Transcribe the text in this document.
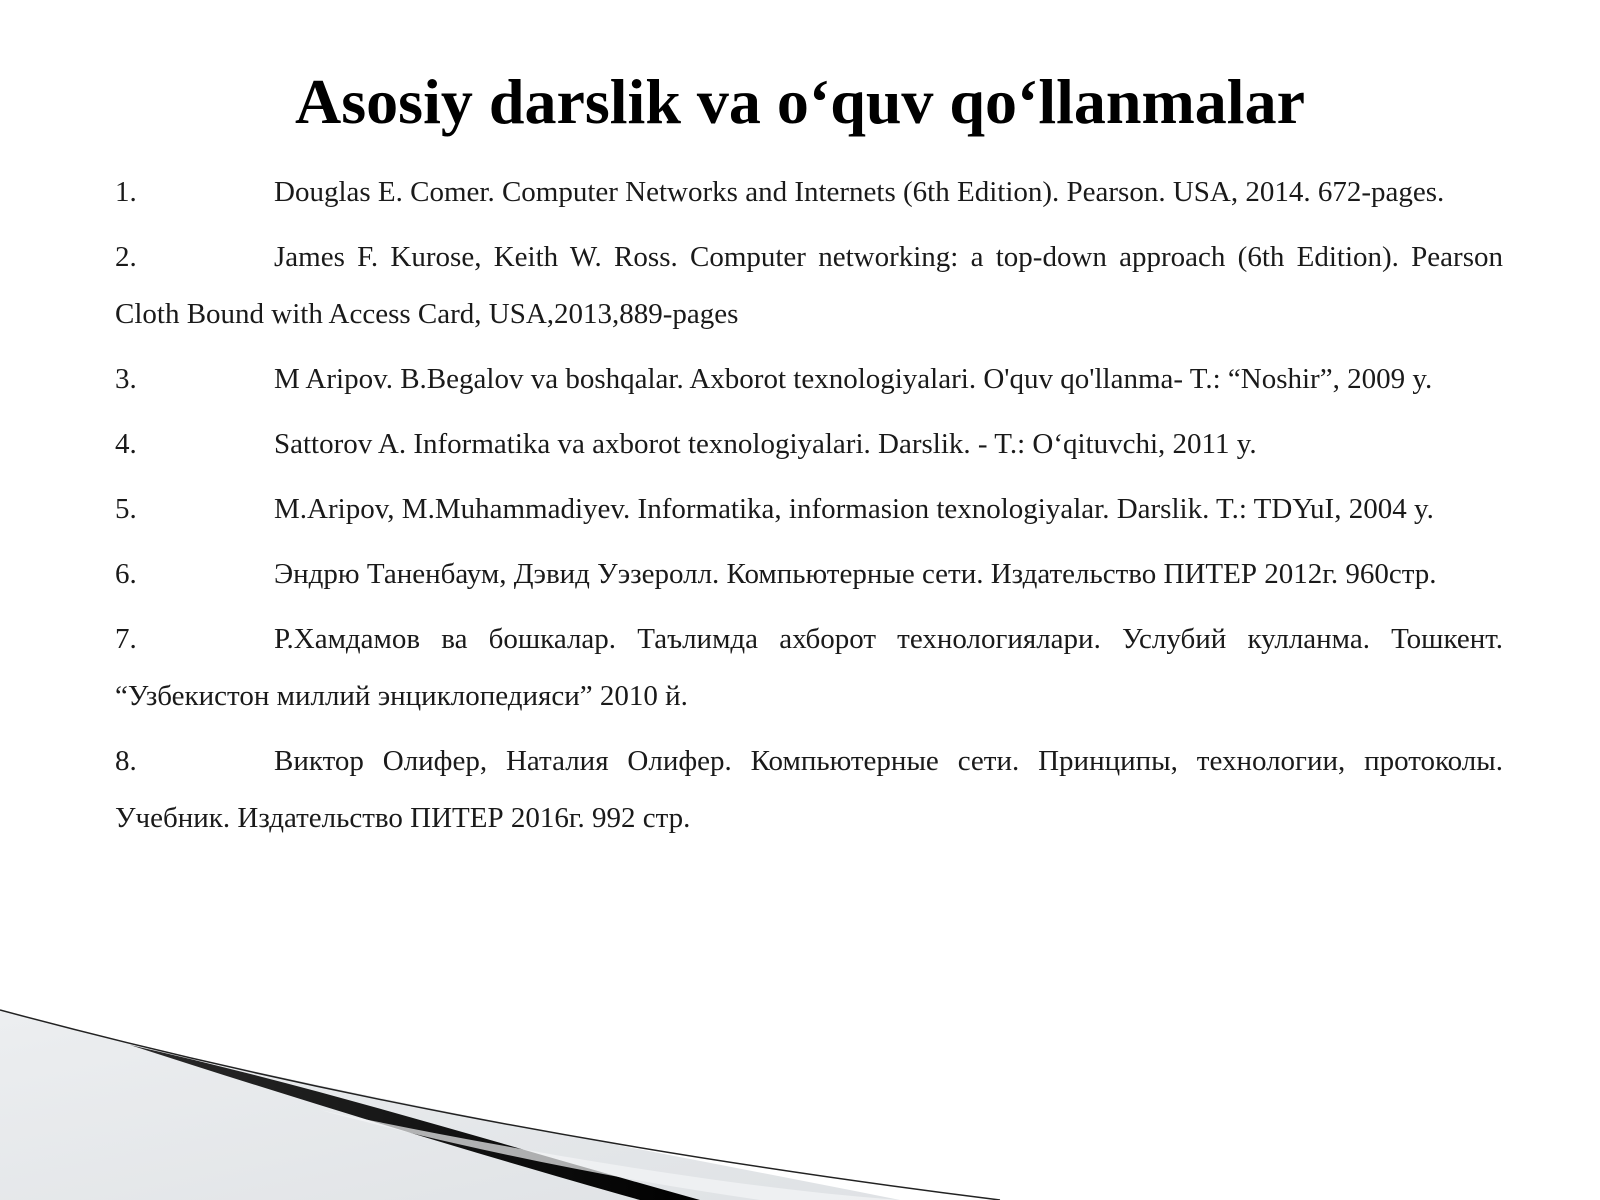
Asosiy darslik va o‘quv qo‘llanmalar
1.	Douglas E. Comer. Computer Networks and Internets (6th Edition). Pearson. USA, 2014. 672-pages.
2.	James F. Kurose, Keith W. Ross. Computer networking: a top-down approach (6th Edition). Pearson Cloth Bound with Access Card, USA,2013,889-pages
3.	M Aripov. B.Begalov va boshqalar. Axborot texnologiyalari. O'quv qo'llanma- T.: “Noshir”, 2009 y.
4.	Sattorov A. Informatika va axborot texnologiyalari. Darslik. - T.: O‘qituvchi, 2011 y.
5.	M.Aripov, M.Muhammadiyev. Informatika, informasion texnologiyalar. Darslik. T.: TDYuI, 2004 y.
6.	Эндрю Таненбаум, Дэвид Уэзеролл. Компьютерные сети. Издательство ПИТЕР 2012г. 960стр.
7.	Р.Хамдамов ва бошкалар. Таълимда ахборот технологиялари. Услубий кулланма. Тошкент. “Узбекистон миллий энциклопедияси” 2010 й.
8.	Виктор Олифер, Наталия Олифер. Компьютерные сети. Принципы, технологии, протоколы. Учебник. Издательство ПИТЕР 2016г. 992 стр.
